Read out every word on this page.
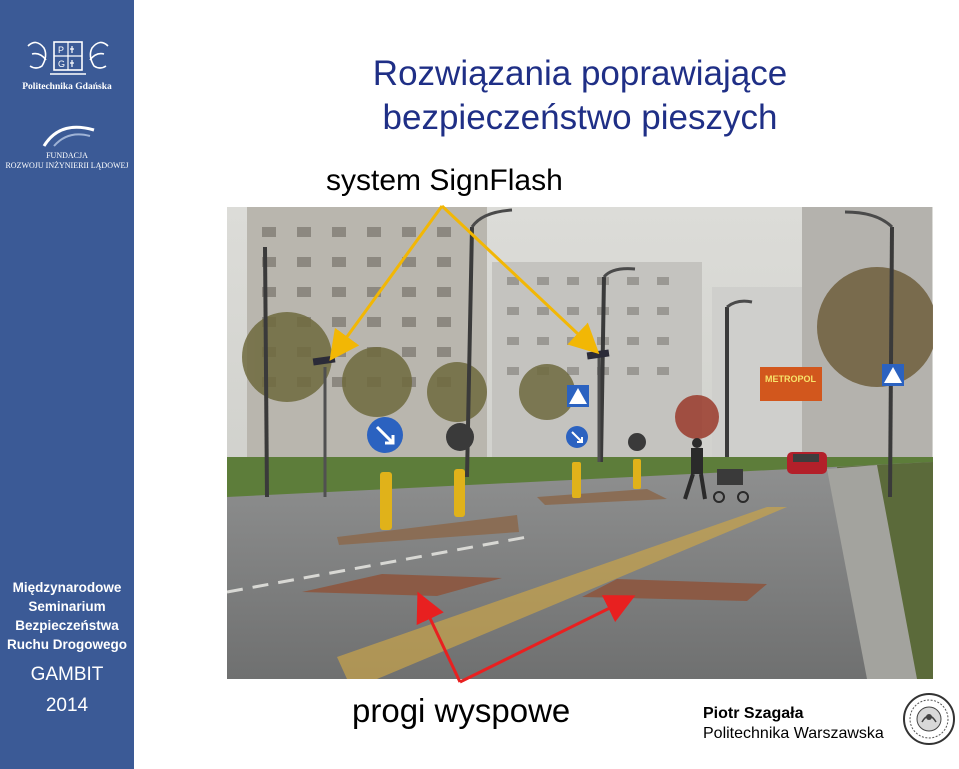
P
G
Politechnika Gdańska
FUNDACJA
ROZWOJU INŻYNIERII LĄDOWEJ
Międzynarodowe
Seminarium
Bezpieczeństwa
Ruchu Drogowego
GAMBIT
2014
Rozwiązania poprawiające
bezpieczeństwo pieszych
system SignFlash
METROPOL
progi wyspowe	Piotr Szagała
Politechnika Warszawska
